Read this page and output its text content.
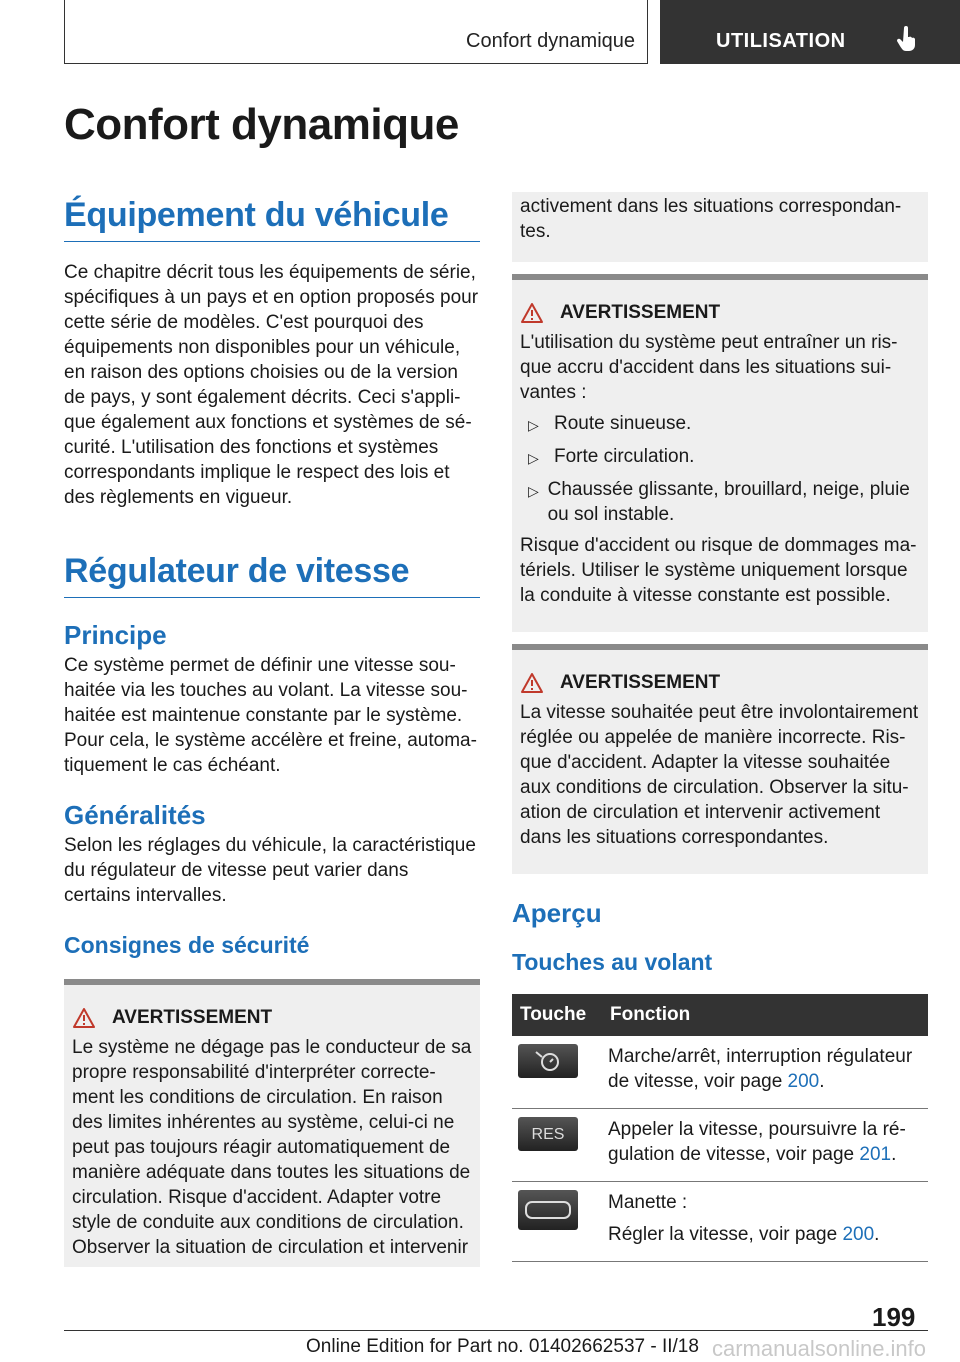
Confort dynamique	UTILISATION
Confort dynamique

Équipement du véhicule

Ce chapitre décrit tous les équipements de série, spécifiques à un pays et en option proposés pour cette série de modèles. C'est pourquoi des équipements non disponibles pour un véhicule, en raison des options choisies ou de la version de pays, y sont également décrits. Ceci s'appli-que également aux fonctions et systèmes de sé-curité. L'utilisation des fonctions et systèmes correspondants implique le respect des lois et des règlements en vigueur.

Régulateur de vitesse

Principe

Ce système permet de définir une vitesse sou-haitée via les touches au volant. La vitesse sou-haitée est maintenue constante par le système. Pour cela, le système accélère et freine, automa-tiquement le cas échéant.

Généralités

Selon les réglages du véhicule, la caractéristique du régulateur de vitesse peut varier dans certains intervalles.

Consignes de sécurité

AVERTISSEMENT

Le système ne dégage pas le conducteur de sa propre responsabilité d'interpréter correcte-ment les conditions de circulation. En raison des limites inhérentes au système, celui-ci ne peut pas toujours réagir automatiquement de manière adéquate dans toutes les situations de circulation. Risque d'accident. Adapter votre style de conduite aux conditions de circulation. Observer la situation de circulation et intervenir

activement dans les situations correspondan-tes.

AVERTISSEMENT

L'utilisation du système peut entraîner un ris-que accru d'accident dans les situations sui-vantes :

▷ Route sinueuse.
▷ Forte circulation.
▷ Chaussée glissante, brouillard, neige, pluie ou sol instable.

Risque d'accident ou risque de dommages ma-tériels. Utiliser le système uniquement lorsque la conduite à vitesse constante est possible.

AVERTISSEMENT

La vitesse souhaitée peut être involontairement réglée ou appelée de manière incorrecte. Ris-que d'accident. Adapter la vitesse souhaitée aux conditions de circulation. Observer la situ-ation de circulation et intervenir activement dans les situations correspondantes.

Aperçu

Touches au volant

Touche	Fonction

	Marche/arrêt, interruption régulateur de vitesse, voir page 200.

RES	Appeler la vitesse, poursuivre la ré-gulation de vitesse, voir page 201.

Manette :
Régler la vitesse, voir page 200.
199
Online Edition for Part no. 01402662537 - II/18 carmanualsonline.info
